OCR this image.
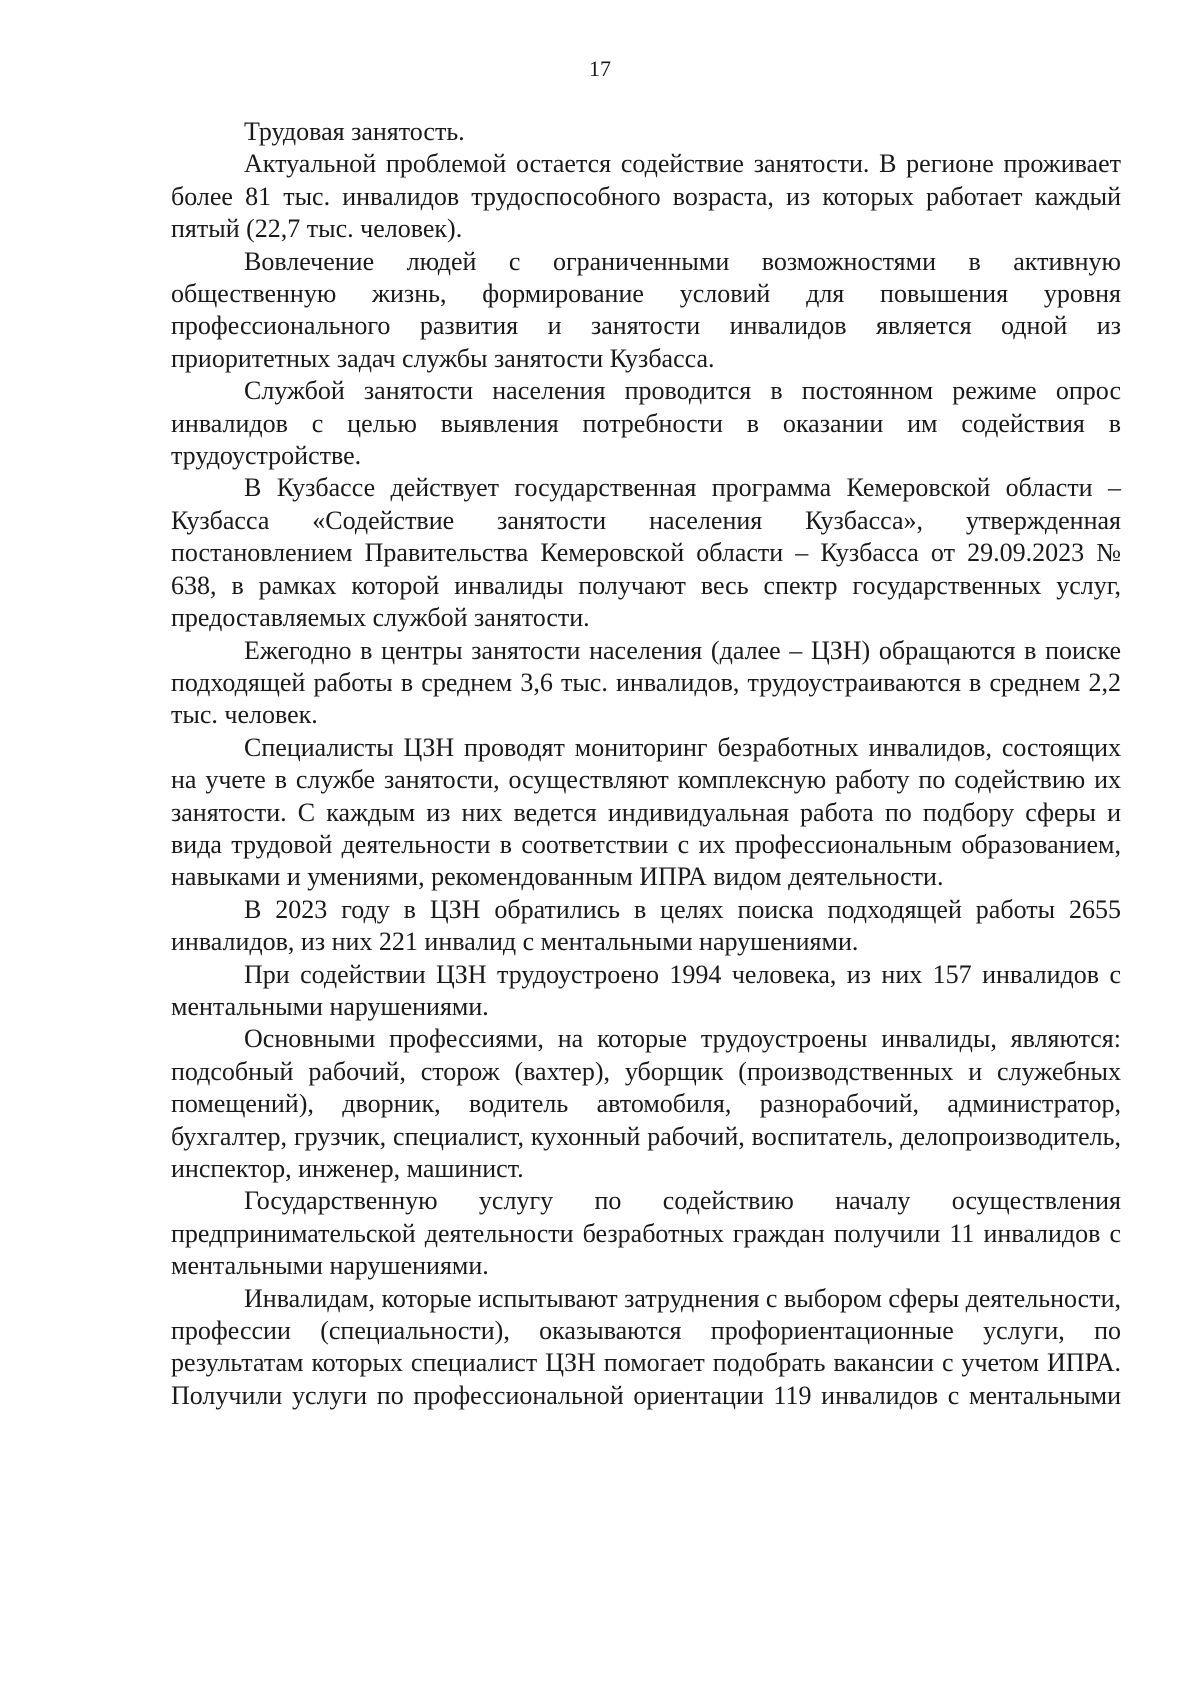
17

Трудовая занятость.

Актуальной проблемой остается содействие занятости. В регионе проживает более 81 тыс. инвалидов трудоспособного возраста, из которых работает каждый пятый (22,7 тыс. человек).

Вовлечение людей с ограниченными возможностями в активную общественную жизнь, формирование условий для повышения уровня профессионального развития и занятости инвалидов является одной из приоритетных задач службы занятости Кузбасса.

Службой занятости населения проводится в постоянном режиме опрос инвалидов с целью выявления потребности в оказании им содействия в трудоустройстве.

В Кузбассе действует государственная программа Кемеровской области – Кузбасса «Содействие занятости населения Кузбасса», утвержденная постановлением Правительства Кемеровской области – Кузбасса от 29.09.2023 № 638, в рамках которой инвалиды получают весь спектр государственных услуг, предоставляемых службой занятости.

Ежегодно в центры занятости населения (далее – ЦЗН) обращаются в поиске подходящей работы в среднем 3,6 тыс. инвалидов, трудоустраиваются в среднем 2,2 тыс. человек.

Специалисты ЦЗН проводят мониторинг безработных инвалидов, состоящих на учете в службе занятости, осуществляют комплексную работу по содействию их занятости. С каждым из них ведется индивидуальная работа по подбору сферы и вида трудовой деятельности в соответствии с их профессиональным образованием, навыками и умениями, рекомендованным ИПРА видом деятельности.

В 2023 году в ЦЗН обратились в целях поиска подходящей работы 2655 инвалидов, из них 221 инвалид с ментальными нарушениями.

При содействии ЦЗН трудоустроено 1994 человека, из них 157 инвалидов с ментальными нарушениями.

Основными профессиями, на которые трудоустроены инвалиды, являются: подсобный рабочий, сторож (вахтер), уборщик (производственных и служебных помещений), дворник, водитель автомобиля, разнорабочий, администратор, бухгалтер, грузчик, специалист, кухонный рабочий, воспитатель, делопроизводитель, инспектор, инженер, машинист.

Государственную услугу по содействию началу осуществления предпринимательской деятельности безработных граждан получили 11 инвалидов с ментальными нарушениями.

Инвалидам, которые испытывают затруднения с выбором сферы деятельности, профессии (специальности), оказываются профориентационные услуги, по результатам которых специалист ЦЗН помогает подобрать вакансии с учетом ИПРА. Получили услуги по профессиональной ориентации 119 инвалидов с ментальными
